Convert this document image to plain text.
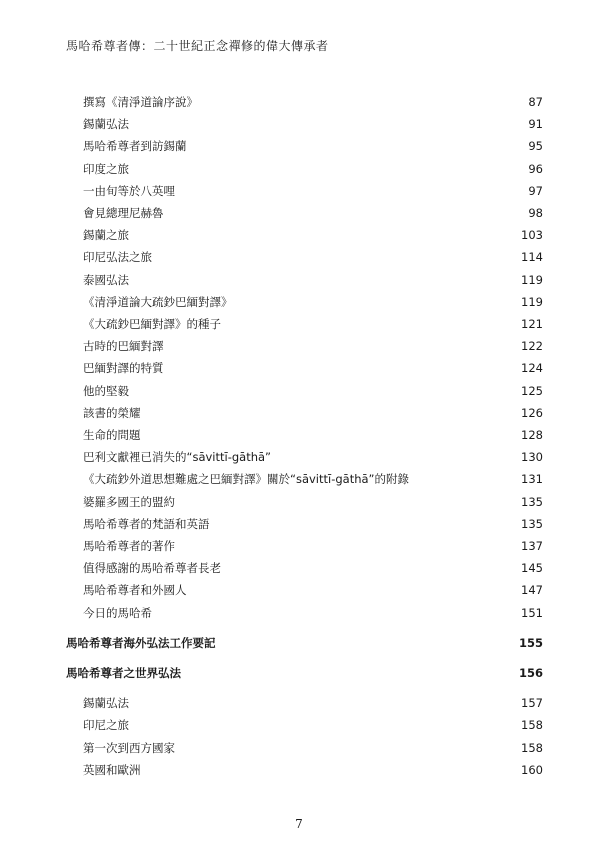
馬哈希尊者傳：二十世紀正念禪修的偉大傳承者
撰寫《清淨道論序說》	87
錫蘭弘法	91
馬哈希尊者到訪錫蘭	95
印度之旅	96
一由旬等於八英哩	97
會見總理尼赫魯	98
錫蘭之旅	103
印尼弘法之旅	114
泰國弘法	119
《清淨道論大疏鈔巴緬對譯》	119
《大疏鈔巴緬對譯》的種子	121
古時的巴緬對譯	122
巴緬對譯的特質	124
他的堅毅	125
該書的榮耀	126
生命的問題	128
巴利文獻裡已消失的“sāvittī-gāthā”	130
《大疏鈔外道思想難處之巴緬對譯》關於“sāvittī-gāthā”的附錄	131
婆羅多國王的盟約	135
馬哈希尊者的梵語和英語	135
馬哈希尊者的著作	137
值得感謝的馬哈希尊者長老	145
馬哈希尊者和外國人	147
今日的馬哈希	151
馬哈希尊者海外弘法工作要記	155
馬哈希尊者之世界弘法	156
錫蘭弘法	157
印尼之旅	158
第一次到西方國家	158
英國和歐洲	160
7
